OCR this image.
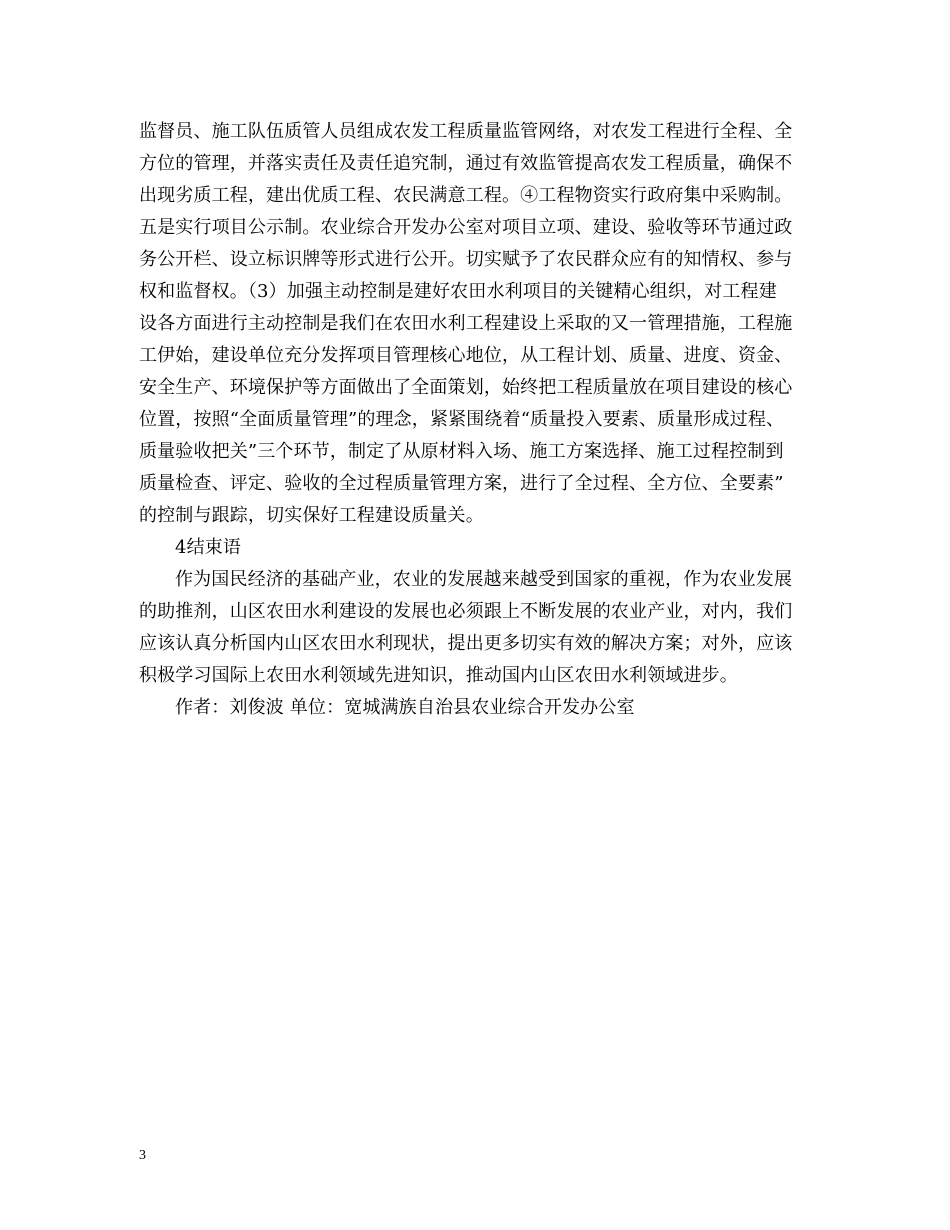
监督员、施工队伍质管人员组成农发工程质量监管网络，对农发工程进行全程、全
方位的管理，并落实责任及责任追究制，通过有效监管提高农发工程质量，确保不
出现劣质工程，建出优质工程、农民满意工程。④工程物资实行政府集中采购制。
五是实行项目公示制。农业综合开发办公室对项目立项、建设、验收等环节通过政
务公开栏、设立标识牌等形式进行公开。切实赋予了农民群众应有的知情权、参与
权和监督权。（3）加强主动控制是建好农田水利项目的关键精心组织，对工程建
设各方面进行主动控制是我们在农田水利工程建设上采取的又一管理措施，工程施
工伊始，建设单位充分发挥项目管理核心地位，从工程计划、质量、进度、资金、
安全生产、环境保护等方面做出了全面策划，始终把工程质量放在项目建设的核心
位置，按照“全面质量管理”的理念，紧紧围绕着“质量投入要素、质量形成过程、
质量验收把关”三个环节，制定了从原材料入场、施工方案选择、施工过程控制到
质量检查、评定、验收的全过程质量管理方案，进行了全过程、全方位、全要素”
的控制与跟踪，切实保好工程建设质量关。
4结束语
作为国民经济的基础产业，农业的发展越来越受到国家的重视，作为农业发展
的助推剂，山区农田水利建设的发展也必须跟上不断发展的农业产业，对内，我们
应该认真分析国内山区农田水利现状，提出更多切实有效的解决方案；对外，应该
积极学习国际上农田水利领域先进知识，推动国内山区农田水利领域进步。
作者：刘俊波 单位：宽城满族自治县农业综合开发办公室
3
